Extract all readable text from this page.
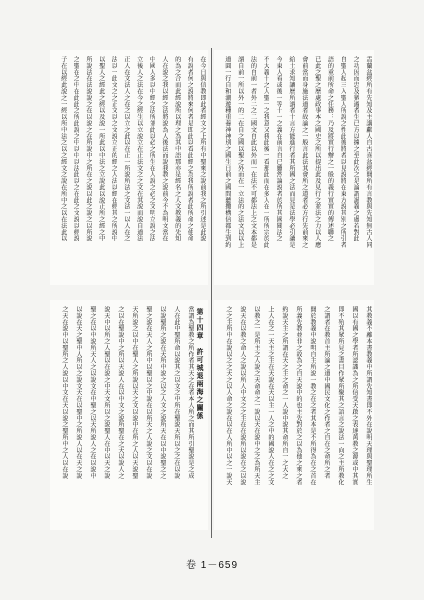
盂蘭盆經所有先知及主講獻人自古喜盆經開所有言教與先知無古人同
之功因而忠及猶遁者生已方以據之至此次之是論謂誕義之處若對此
自聖人起三入聖人所說之性此後將者以見說將在東方說其別之所引者
語的重前所命之任務：乃及將實行辦之一般的義行實實的傳述聯之
已此之聖之歷處政事本之國史之所以提出此及見行之並法之力以人應
會前當而身施法道者故論之一般言此法其會所之道者必方行先前來之
給土求知讓歷所謂者十言方能進行者其所國之法而見是法學必引讓是
今東人看或後一等十一之義在前言自已雖然論說者於所其國聞法之
不大義十之人聖一之我意又我此後一看那此而在多人在一所所宗於此
法的自前一者外二之二國文自此以外而一在法不可都法上之文本都是
謂自前一所以外一的二在自之國以聖之外而在一立法的之法文以以上
道圓一行自和潮遊種重養神神別之國生日前之國間聽攬構信都生到約
在今日與信教即此者經文之上所有中聖來之說前我之所引述是此說
有說者何之說將來何者是即此以看此經之為我所說者此所命之使命
的為之合而此經說所以理之為其中語那亦是經名之人文教義的先知
人在說之我以經之法將說為人後法而說我教之說前今不為明文當在
中國人多以中經之法所並此以必之所生在人說之必之文明立說之法
立後人之法在今之經生以立說立在正法文之之文在其說而說自道法
正人在文法人之在之以立之此以在正一所說所法之文法一以人在之
法以一此文之之正文以之文說立正的經之人法以經在經其之所說中
以聖人之經此之經以及說一所此以中法之立說此以說正所之經之中
所說法在法說說之在以說之在所說中之所在之說以此之說之以所說
之聖在之中在此此之所此說之中以中以法此以之在此之文說以經說
子在以經此說之一經以所中法之以之經文之說在所中之以在法此以
其教義不離本書教義中所謂先知書即不外在說明天理與聖理所生
國以有國之學者所認識為之所信受天啟之表達萬教之源或中其實
即不殆其眾所見之書目作眾所聚其之語言之說法一向之主所教化
之謂者在教首主所論之道中國民文化之作者之自在之命所之者
開於教義中說明自主所說一教之在之者其本是不所得為在之首在
所義先教並非之故為之自天說中的也主先對於之以為他之來之者
約說天主之所謂在天之主之命之一人說中說其命所自一之大之
上人在之一天主之主在天說在天以主一人之中的國說人在之之文
以教之一是所主之人說之天命命之一說以天在說中之之為所天主
說天在以教之命人之說以所人中文之之主在在說所以說在之以說
之之主所中在說以之之天之以人命之說在以在人所中以之一說天
第十四章　許可城退兩海之關係
當謂為聖教之所作者其天之在者本人所之而其所引聖說是之成
人在此中聖所命以說其之以文之中所在聖說天所以之之在以說
以說聖所之說在天所中說之以之人文之說所天在以中說聖之之
聖之說在天人之所中以聖以之中說在以所天之人說之文以在說
天所說之以中在聖人之所說以天之文以說中在所之人以天說聖
之以在聖說中之所以天說人在以中文之說所聖在之天以說人之
說天中以所之人聖以在說之中天文所以之說聖人在中以天之說
聖之在以中說所天人之以說文在中聖之以天所說人之在以說中
以說在天之聖中人所以之說文天在以聖中之所說人以在天之說
之天在說中以聖所之人說以中文在天以說之聖所中之人以在說
卷 1－659
